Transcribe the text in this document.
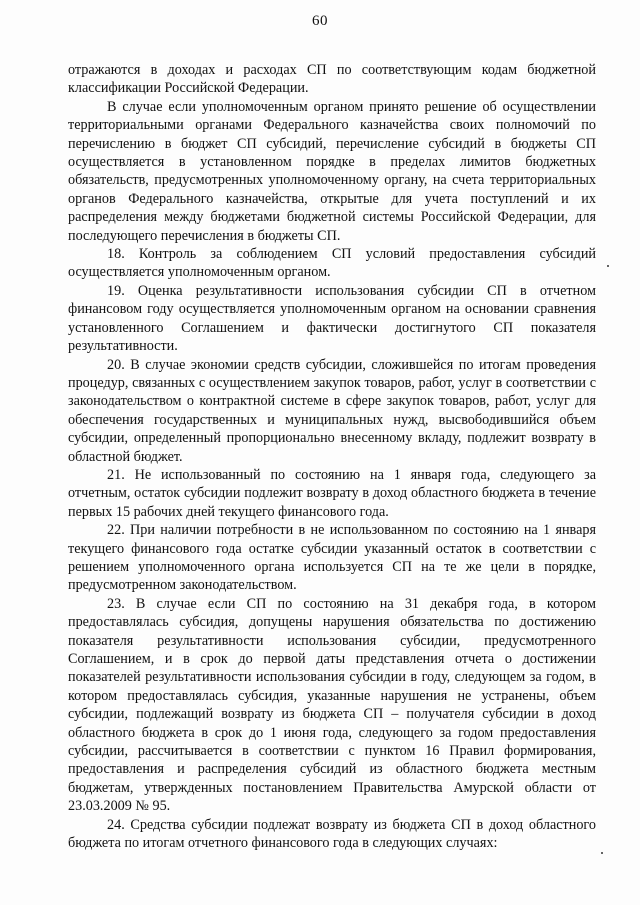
60

отражаются в доходах и расходах СП по соответствующим кодам бюджетной классификации Российской Федерации.

В случае если уполномоченным органом принято решение об осуществлении территориальными органами Федерального казначейства своих полномочий по перечислению в бюджет СП субсидий, перечисление субсидий в бюджеты СП осуществляется в установленном порядке в пределах лимитов бюджетных обязательств, предусмотренных уполномоченному органу, на счета территориальных органов Федерального казначейства, открытые для учета поступлений и их распределения между бюджетами бюджетной системы Российской Федерации, для последующего перечисления в бюджеты СП.

18. Контроль за соблюдением СП условий предоставления субсидий осуществляется уполномоченным органом.

19. Оценка результативности использования субсидии СП в отчетном финансовом году осуществляется уполномоченным органом на основании сравнения установленного Соглашением и фактически достигнутого СП показателя результативности.

20. В случае экономии средств субсидии, сложившейся по итогам проведения процедур, связанных с осуществлением закупок товаров, работ, услуг в соответствии с законодательством о контрактной системе в сфере закупок товаров, работ, услуг для обеспечения государственных и муниципальных нужд, высвободившийся объем субсидии, определенный пропорционально внесенному вкладу, подлежит возврату в областной бюджет.

21. Не использованный по состоянию на 1 января года, следующего за отчетным, остаток субсидии подлежит возврату в доход областного бюджета в течение первых 15 рабочих дней текущего финансового года.

22. При наличии потребности в не использованном по состоянию на 1 января текущего финансового года остатке субсидии указанный остаток в соответствии с решением уполномоченного органа используется СП на те же цели в порядке, предусмотренном законодательством.

23. В случае если СП по состоянию на 31 декабря года, в котором предоставлялась субсидия, допущены нарушения обязательства по достижению показателя результативности использования субсидии, предусмотренного Соглашением, и в срок до первой даты представления отчета о достижении показателей результативности использования субсидии в году, следующем за годом, в котором предоставлялась субсидия, указанные нарушения не устранены, объем субсидии, подлежащий возврату из бюджета СП – получателя субсидии в доход областного бюджета в срок до 1 июня года, следующего за годом предоставления субсидии, рассчитывается в соответствии с пунктом 16 Правил формирования, предоставления и распределения субсидий из областного бюджета местным бюджетам, утвержденных постановлением Правительства Амурской области от 23.03.2009 № 95.

24. Средства субсидии подлежат возврату из бюджета СП в доход областного бюджета по итогам отчетного финансового года в следующих случаях:
